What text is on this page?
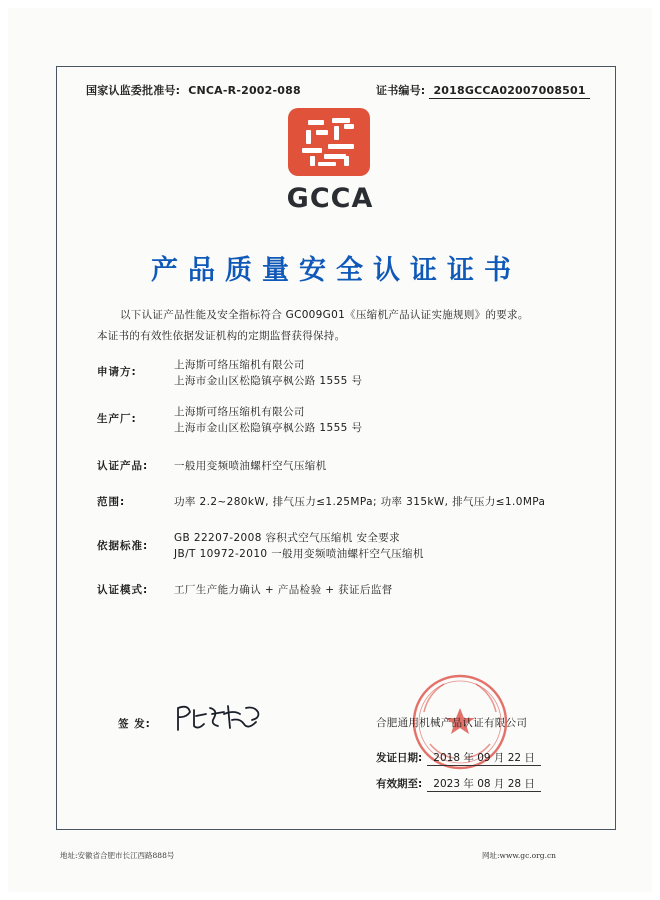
国家认监委批准号: CNCA-R-2002-088	证书编号: 2018GCCA02007008501
GCCA
产品质量安全认证证书
以下认证产品性能及安全指标符合 GC009G01《压缩机产品认证实施规则》的要求。
本证书的有效性依据发证机构的定期监督获得保持。
申请方:
上海斯可络压缩机有限公司
上海市金山区松隐镇亭枫公路 1555 号
生产厂:
上海斯可络压缩机有限公司
上海市金山区松隐镇亭枫公路 1555 号
认证产品: 一般用变频喷油螺杆空气压缩机
范围:	功率 2.2~280kW, 排气压力≤1.25MPa; 功率 315kW, 排气压力≤1.0MPa
依据标准:
GB 22207-2008 容积式空气压缩机 安全要求
JB/T 10972-2010 一般用变频喷油螺杆空气压缩机
认证模式: 工厂生产能力确认 + 产品检验 + 获证后监督
签 发:	合肥通用机械产品认证有限公司
发证日期: 2018 年 09 月 22 日
有效期至: 2023 年 08 月 28 日
地址:安徽省合肥市长江西路888号	网址:www.gc.org.cn
